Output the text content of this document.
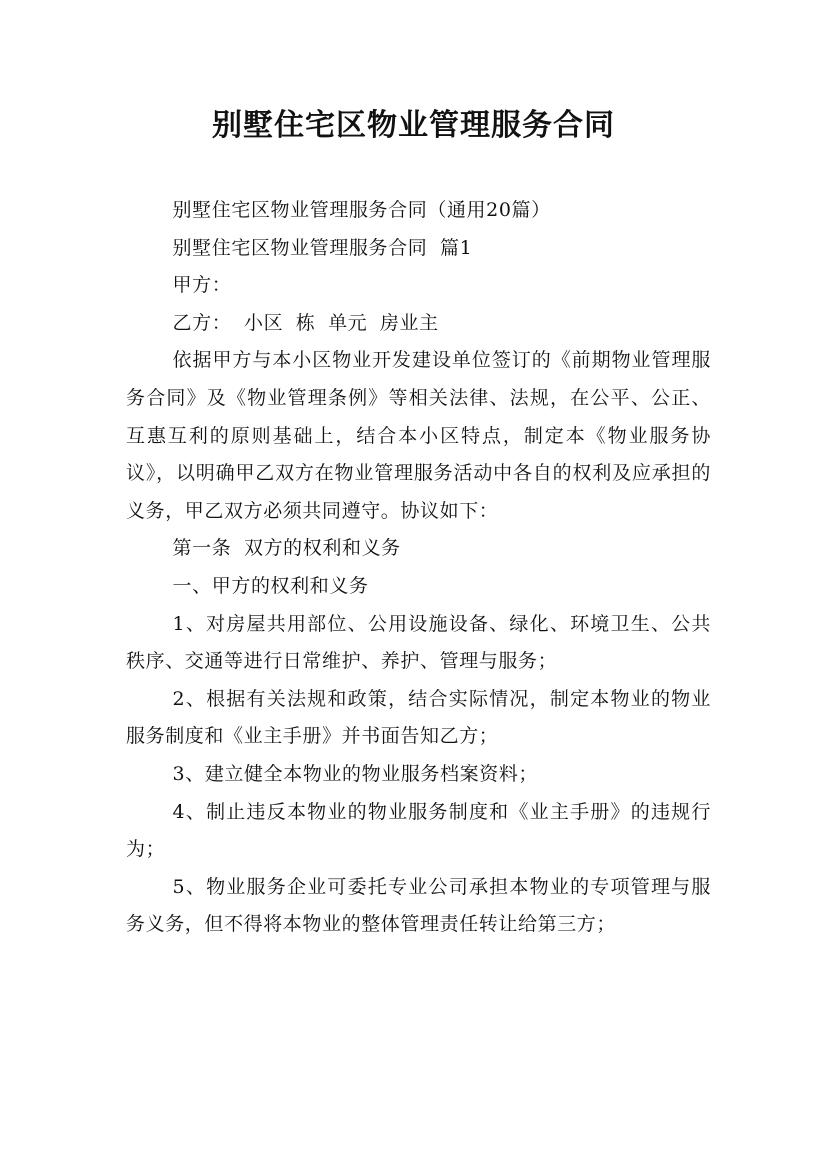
别墅住宅区物业管理服务合同

别墅住宅区物业管理服务合同（通用20篇）

别墅住宅区物业管理服务合同 篇1

甲方：

乙方： 小区 栋 单元 房业主

依据甲方与本小区物业开发建设单位签订的《前期物业管理服务合同》及《物业管理条例》等相关法律、法规，在公平、公正、互惠互利的原则基础上，结合本小区特点，制定本《物业服务协议》，以明确甲乙双方在物业管理服务活动中各自的权利及应承担的义务，甲乙双方必须共同遵守。协议如下：

第一条 双方的权利和义务

一、甲方的权利和义务

1、对房屋共用部位、公用设施设备、绿化、环境卫生、公共秩序、交通等进行日常维护、养护、管理与服务；

2、根据有关法规和政策，结合实际情况，制定本物业的物业服务制度和《业主手册》并书面告知乙方；

3、建立健全本物业的物业服务档案资料；

4、制止违反本物业的物业服务制度和《业主手册》的违规行为；

5、物业服务企业可委托专业公司承担本物业的专项管理与服务义务，但不得将本物业的整体管理责任转让给第三方；
